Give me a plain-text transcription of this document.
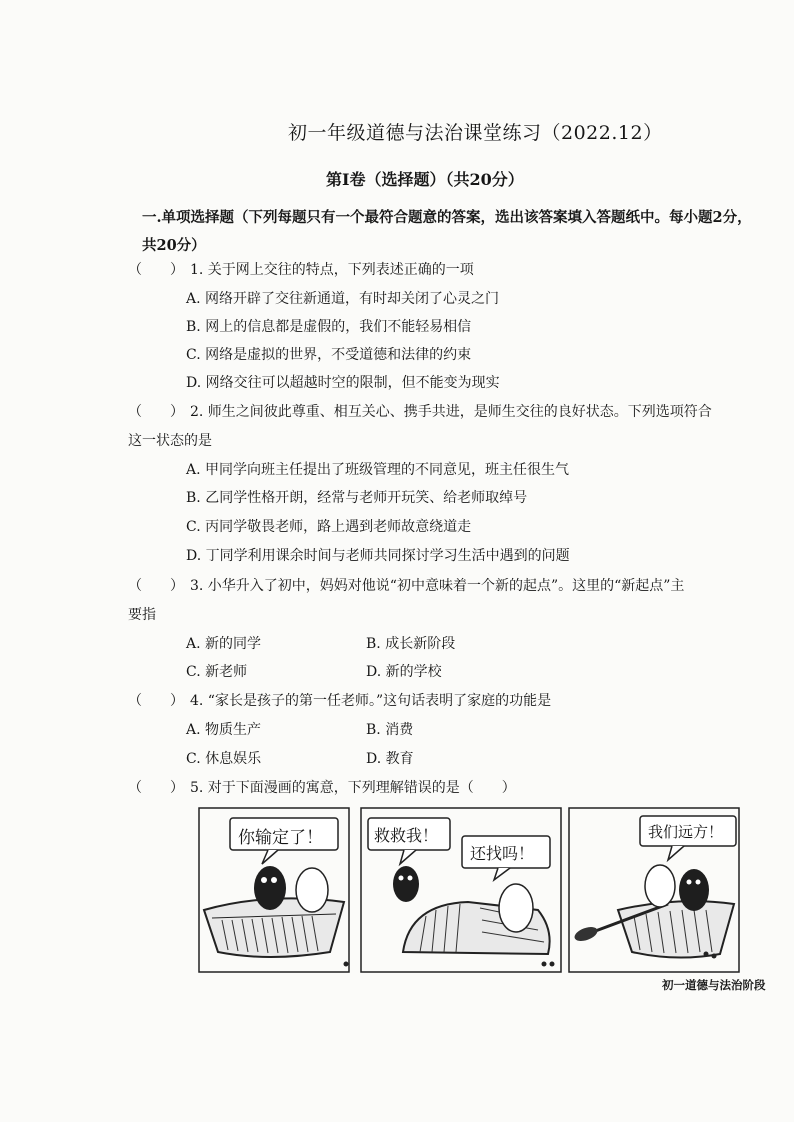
初一年级道德与法治课堂练习（2022.12）
第Ⅰ卷（选择题）（共20分）
一.单项选择题（下列每题只有一个最符合题意的答案，选出该答案填入答题纸中。每小题2分，共20分）
（　　） 1. 关于网上交往的特点，下列表述正确的一项
A. 网络开辟了交往新通道，有时却关闭了心灵之门
B. 网上的信息都是虚假的，我们不能轻易相信
C. 网络是虚拟的世界，不受道德和法律的约束
D. 网络交往可以超越时空的限制，但不能变为现实
（　　） 2. 师生之间彼此尊重、相互关心、携手共进，是师生交往的良好状态。下列选项符合
这一状态的是
A. 甲同学向班主任提出了班级管理的不同意见，班主任很生气
B. 乙同学性格开朗，经常与老师开玩笑、给老师取绰号
C. 丙同学敬畏老师，路上遇到老师故意绕道走
D. 丁同学利用课余时间与老师共同探讨学习生活中遇到的问题
（　　） 3. 小华升入了初中，妈妈对他说“初中意味着一个新的起点”。这里的“新起点”主
要指
A. 新的同学	B. 成长新阶段
C. 新老师	D. 新的学校
（　　） 4. “家长是孩子的第一任老师。”这句话表明了家庭的功能是
A. 物质生产	B. 消费
C. 休息娱乐	D. 教育
（　　） 5. 对于下面漫画的寓意，下列理解错误的是（　　）
你输定了！	救救我！
还找吗！
我们远方！
初一道德与法治阶段
